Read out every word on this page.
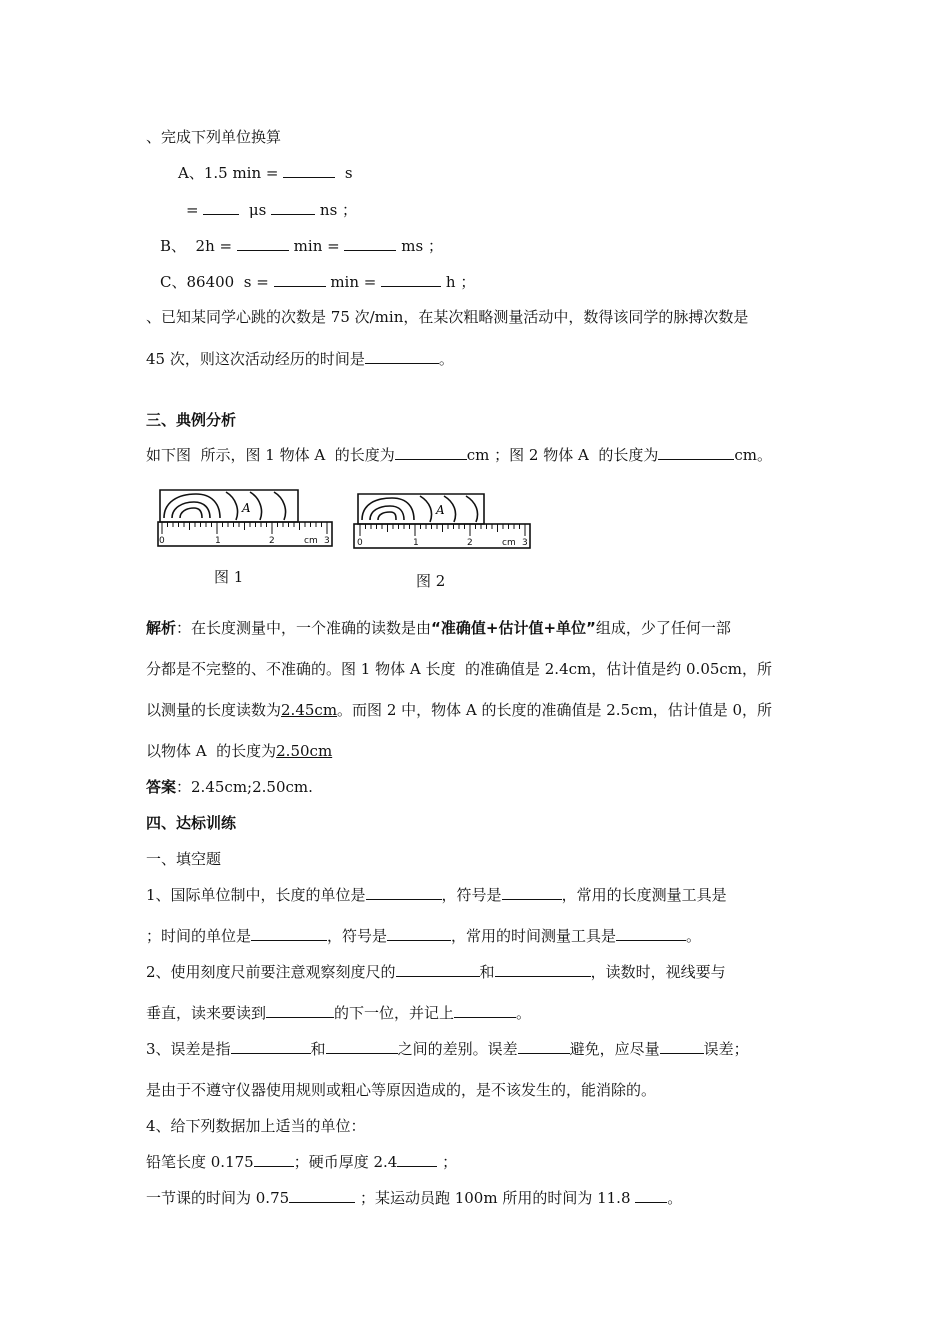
、完成下列单位换算
A、1.5 min =	s
=	μs	ns ；
B、  2h =	min =	ms ；
C、86400  s =	min =	h ；
、已知某同学心跳的次数是 75 次/min，在某次粗略测量活动中，数得该同学的脉搏次数是
45 次，则这次活动经历的时间是	。
三、典例分析
如下图  所示，图 1 物体 A  的长度为	cm ；图 2 物体 A  的长度为	cm。
A
0	1	2	cm 3
图 1
A
0	1	2	cm 3
图 2
解析：在长度测量中，一个准确的读数是由“准确值+估计值+单位”组成，少了任何一部
分都是不完整的、不准确的。图 1 物体 A 长度  的准确值是 2.4cm，估计值是约 0.05cm，所
以测量的长度读数为2.45cm。而图 2 中，物体 A 的长度的准确值是 2.5cm，估计值是 0，所
以物体 A  的长度为2.50cm
答案：2.45cm;2.50cm.
四、达标训练
一、填空题
1、国际单位制中，长度的单位是	，符号是	，常用的长度测量工具是
；时间的单位是	，符号是	，常用的时间测量工具是	。
2、使用刻度尺前要注意观察刻度尺的	和	，读数时，视线要与
垂直，读来要读到	的下一位，并记上	。
3、误差是指	和	之间的差别。误差	避免，应尽量	误差；
是由于不遵守仪器使用规则或粗心等原因造成的，是不该发生的，能消除的。
4、给下列数据加上适当的单位：
铅笔长度 0.175	；硬币厚度 2.4	；
一节课的时间为 0.75	；某运动员跑 100m 所用的时间为 11.8 。
